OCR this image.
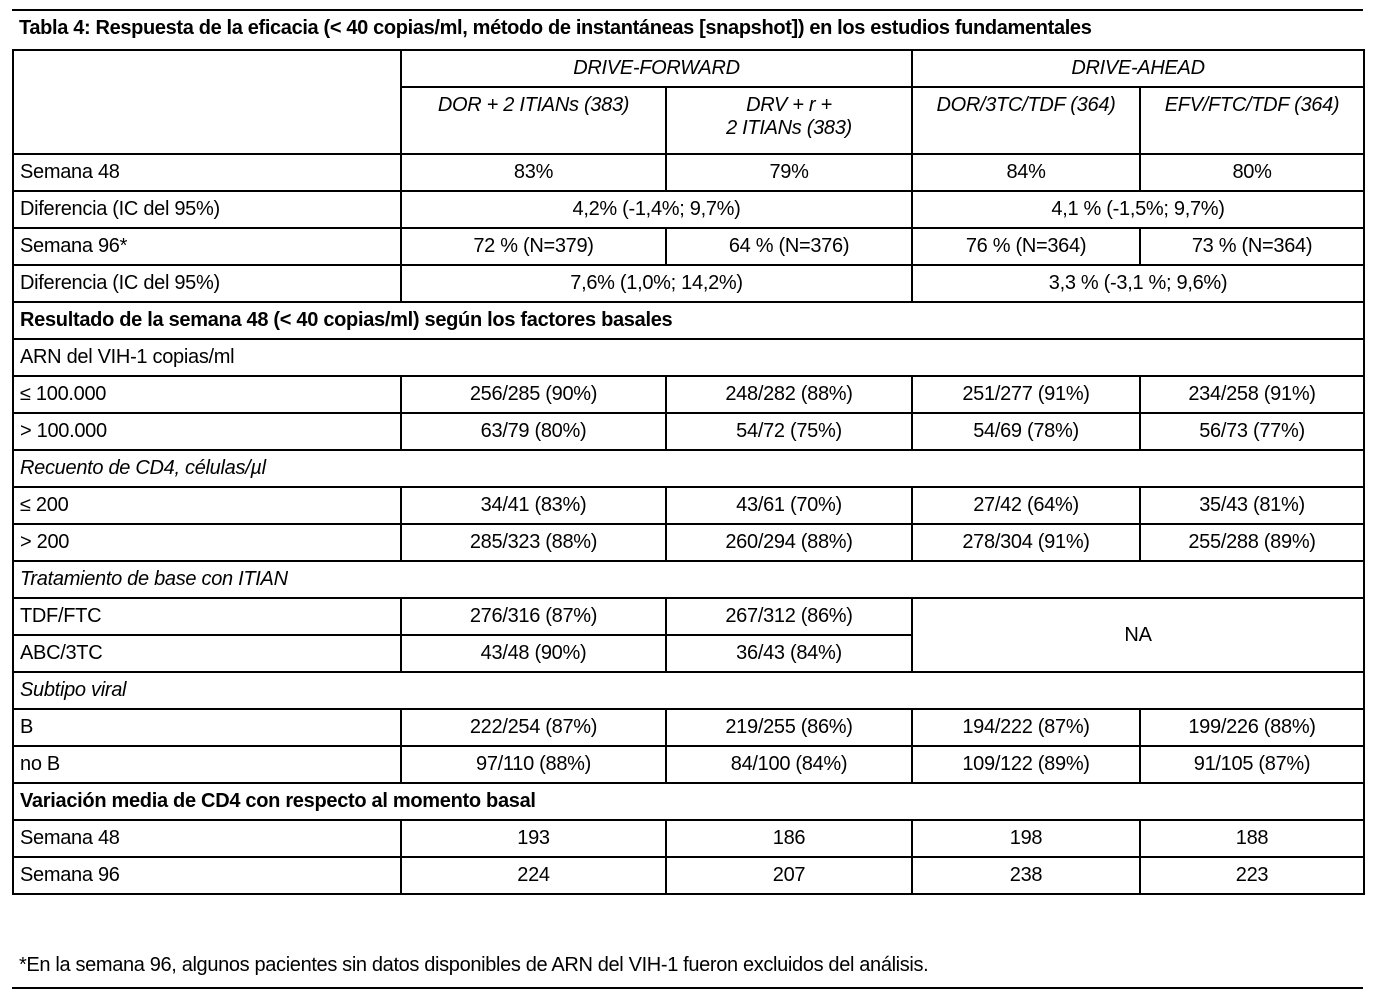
Tabla 4: Respuesta de la eficacia (< 40 copias/ml, método de instantáneas [snapshot]) en los estudios fundamentales
	DRIVE-FORWARD		DRIVE-AHEAD	
	DOR + 2 ITIANs (383)	DRV + r +
2 ITIANs (383)	DOR/3TC/TDF (364)	EFV/FTC/TDF (364)
Semana 48	83%	79%	84%	80%
Diferencia (IC del 95%)	4,2% (-1,4%; 9,7%)		4,1 % (-1,5%; 9,7%)	
Semana 96*	72 % (N=379)	64 % (N=376)	76 % (N=364)	73 % (N=364)
Diferencia (IC del 95%)	7,6% (1,0%; 14,2%)		3,3 % (-3,1 %; 9,6%)	
Resultado de la semana 48 (< 40 copias/ml) según los factores basales				
ARN del VIH-1 copias/ml				
≤ 100.000	256/285 (90%)	248/282 (88%)	251/277 (91%)	234/258 (91%)
> 100.000	63/79 (80%)	54/72 (75%)	54/69 (78%)	56/73 (77%)
Recuento de CD4, células/µl				
≤ 200	34/41 (83%)	43/61 (70%)	27/42 (64%)	35/43 (81%)
> 200	285/323 (88%)	260/294 (88%)	278/304 (91%)	255/288 (89%)
Tratamiento de base con ITIAN				
TDF/FTC	276/316 (87%)	267/312 (86%)	NA	
ABC/3TC	43/48 (90%)	36/43 (84%)		
Subtipo viral				
B	222/254 (87%)	219/255 (86%)	194/222 (87%)	199/226 (88%)
no B	97/110 (88%)	84/100 (84%)	109/122 (89%)	91/105 (87%)
Variación media de CD4 con respecto al momento basal				
Semana 48	193	186	198	188
Semana 96	224	207	238	223
*En la semana 96, algunos pacientes sin datos disponibles de ARN del VIH-1 fueron excluidos del análisis.
